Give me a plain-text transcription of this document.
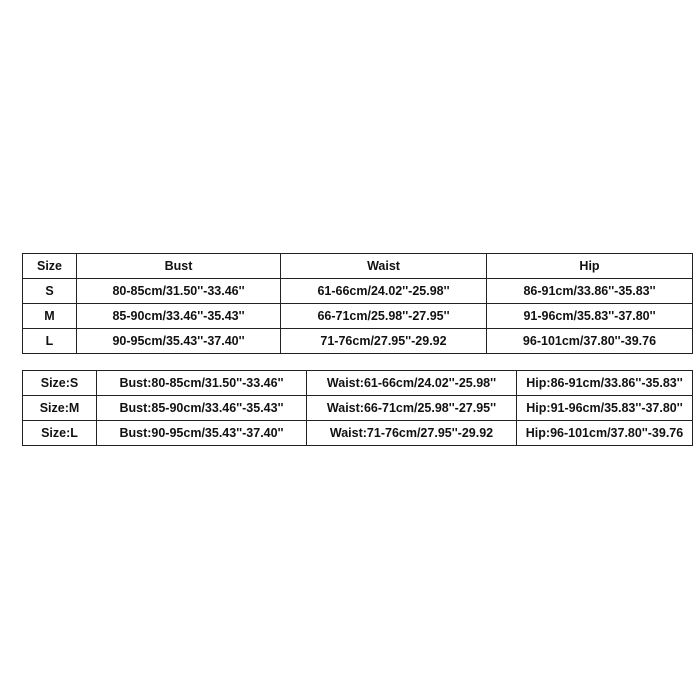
Size	Bust	Waist	Hip
S	80-85cm/31.50''-33.46''	61-66cm/24.02''-25.98''	86-91cm/33.86''-35.83''
M	85-90cm/33.46''-35.43''	66-71cm/25.98''-27.95''	91-96cm/35.83''-37.80''
L	90-95cm/35.43''-37.40''	71-76cm/27.95''-29.92	96-101cm/37.80''-39.76
Size:S	Bust:80-85cm/31.50''-33.46''	Waist:61-66cm/24.02''-25.98''	Hip:86-91cm/33.86''-35.83''
Size:M	Bust:85-90cm/33.46''-35.43''	Waist:66-71cm/25.98''-27.95''	Hip:91-96cm/35.83''-37.80''
Size:L	Bust:90-95cm/35.43''-37.40''	Waist:71-76cm/27.95''-29.92	Hip:96-101cm/37.80''-39.76
